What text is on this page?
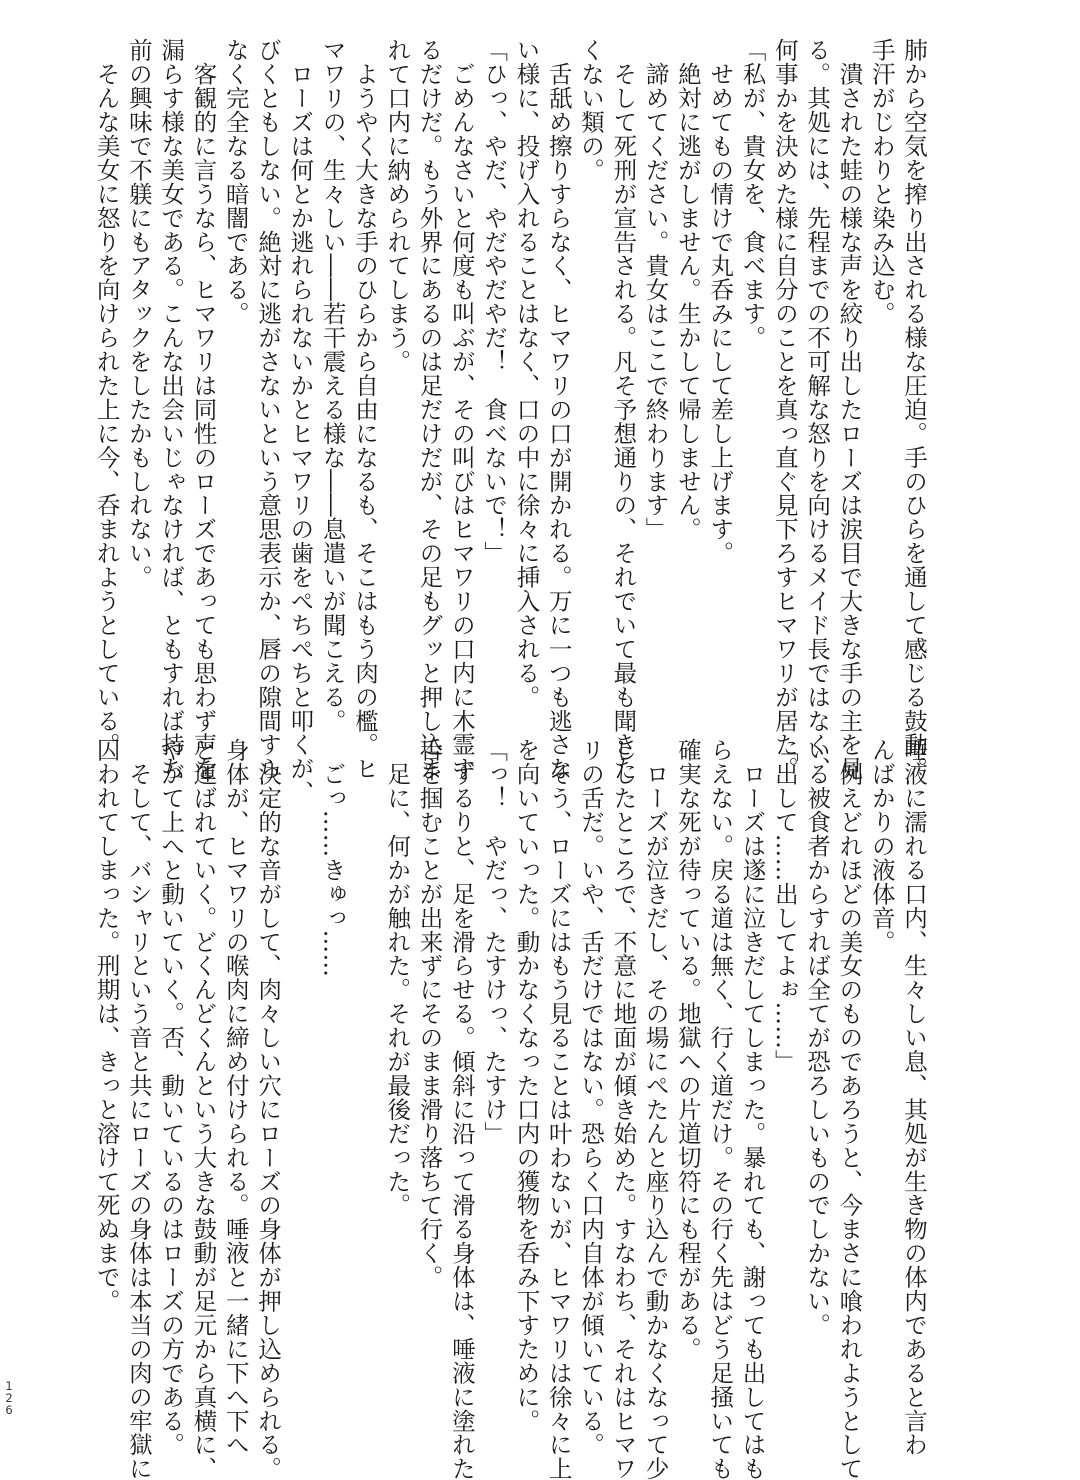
肺から空気を搾り出される様な圧迫。手のひらを通して感じる鼓動。
手汗がじわりと染み込む。
　潰された蛙の様な声を絞り出したローズは涙目で大きな手の主を見
る。其処には、先程までの不可解な怒りを向けるメイド長ではなく、
何事かを決めた様に自分のことを真っ直ぐ見下ろすヒマワリが居た。
「私が、貴女を、食べます。
　せめてもの情けで丸呑みにして差し上げます。
　絶対に逃がしません。生かして帰しません。
　諦めてください。貴女はここで終わります」
　そして死刑が宣告される。凡そ予想通りの、それでいて最も聞きた
くない類の。
　舌舐め擦りすらなく、ヒマワリの口が開かれる。万に一つも逃さな
い様に、投げ入れることはなく、口の中に徐々に挿入される。
「ひっ、やだ、やだやだやだ！　食べないで！」
　ごめんなさいと何度も叫ぶが、その叫びはヒマワリの口内に木霊す
るだけだ。もう外界にあるのは足だけだが、その足もグッと押し込ま
れて口内に納められてしまう。
　ようやく大きな手のひらから自由になるも、そこはもう肉の檻。ヒ
マワリの、生々しい――若干震える様な――息遣いが聞こえる。
　ローズは何とか逃れられないかとヒマワリの歯をぺちぺちと叩くが、
びくともしない。絶対に逃がさないという意思表示か、唇の隙間すら
なく完全なる暗闇である。
　客観的に言うなら、ヒマワリは同性のローズであっても思わず声を
漏らす様な美女である。こんな出会いじゃなければ、ともすれば持ち
前の興味で不躾にもアタックをしたかもしれない。
　そんな美女に怒りを向けられた上に今、呑まれようとしている。
唾液に濡れる口内、生々しい息、其処が生き物の体内であると言わ
んばかりの液体音。
　例えどれほどの美女のものであろうと、今まさに喰われようとして
いる被食者からすれば全てが恐ろしいものでしかない。
「出して……出してよぉ……」
　ローズは遂に泣きだしてしまった。暴れても、謝っても出してはも
らえない。戻る道は無く、行く道だけ。その行く先はどう足掻いても
確実な死が待っている。地獄への片道切符にも程がある。
　ローズが泣きだし、その場にぺたんと座り込んで動かなくなって少
ししたところで、不意に地面が傾き始めた。すなわち、それはヒマワ
リの舌だ。いや、舌だけではない。恐らく口内自体が傾いている。
　そう、ローズにはもう見ることは叶わないが、ヒマワリは徐々に上
を向いていった。動かなくなった口内の獲物を呑み下すために。
「っ！　やだっ、たすけっ、たすけ」
　ずるりと、足を滑らせる。傾斜に沿って滑る身体は、唾液に塗れた
舌を掴むことが出来ずにそのまま滑り落ちて行く。
　足に、何かが触れた。それが最後だった。

　ごっ……きゅっ……

　決定的な音がして、肉々しい穴にローズの身体が押し込められる。
身体が、ヒマワリの喉肉に締め付けられる。唾液と一緒に下へ下へ
と運ばれていく。どくんどくんという大きな鼓動が足元から真横に、
やがて上へと動いていく。否、動いているのはローズの方である。
　そして、バシャリという音と共にローズの身体は本当の肉の牢獄に
囚われてしまった。刑期は、きっと溶けて死ぬまで。
1
2
6
